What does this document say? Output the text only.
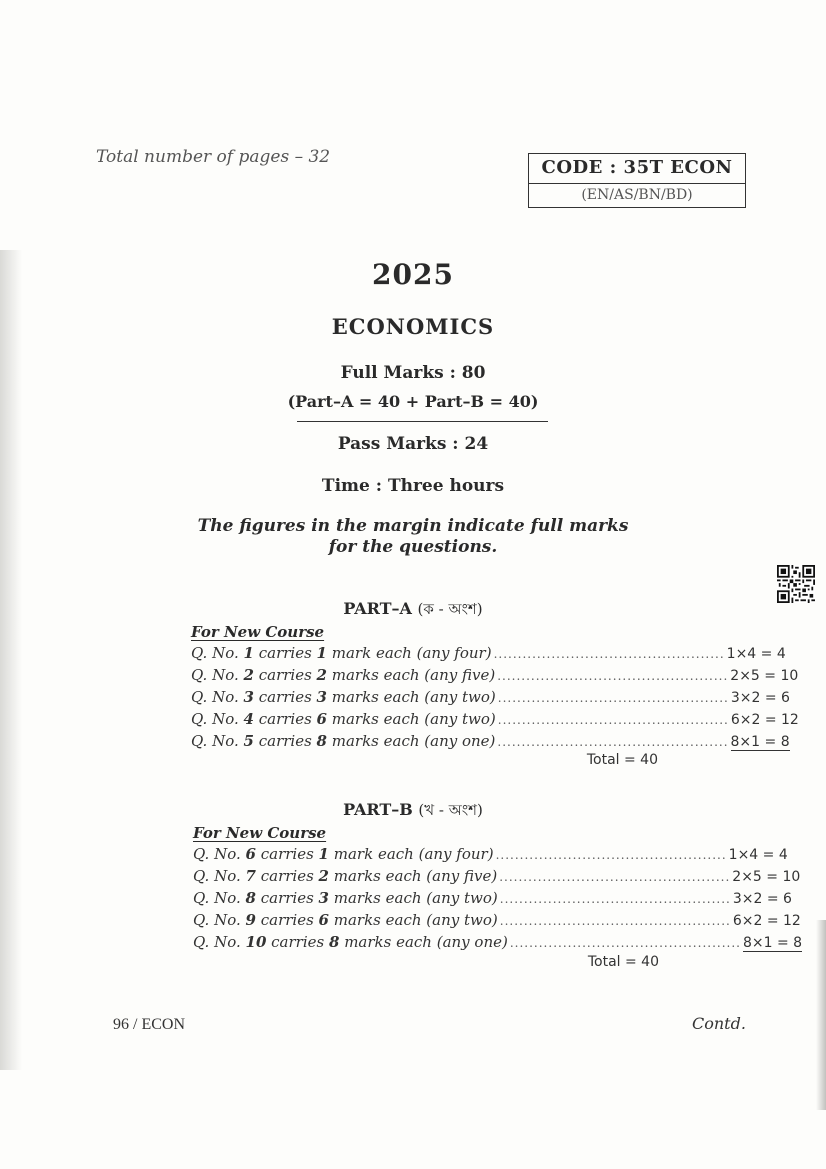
Total number of pages – 32	CODE : 35T ECON
(EN/AS/BN/BD)
2025
ECONOMICS
Full Marks : 80
(Part–A = 40 + Part–B = 40)
Pass Marks : 24
Time : Three hours
The figures in the margin indicate full marks
for the questions.
PART–A (ক - অংশ)
For New Course
Q. No. 1 carries 1 mark each (any four) ................................................ 1×4 = 4
Q. No. 2 carries 2 marks each (any five) ................................................ 2×5 = 10
Q. No. 3 carries 3 marks each (any two) ................................................ 3×2 = 6
Q. No. 4 carries 6 marks each (any two) ................................................ 6×2 = 12
Q. No. 5 carries 8 marks each (any one) ................................................ 8×1 = 8
Total = 40
PART–B (খ - অংশ)
For New Course
Q. No. 6 carries 1 mark each (any four) ................................................ 1×4 = 4
Q. No. 7 carries 2 marks each (any five) ................................................ 2×5 = 10
Q. No. 8 carries 3 marks each (any two) ................................................ 3×2 = 6
Q. No. 9 carries 6 marks each (any two) ................................................ 6×2 = 12
Q. No. 10 carries 8 marks each (any one) ................................................ 8×1 = 8
Total = 40
96 / ECON	Contd.
